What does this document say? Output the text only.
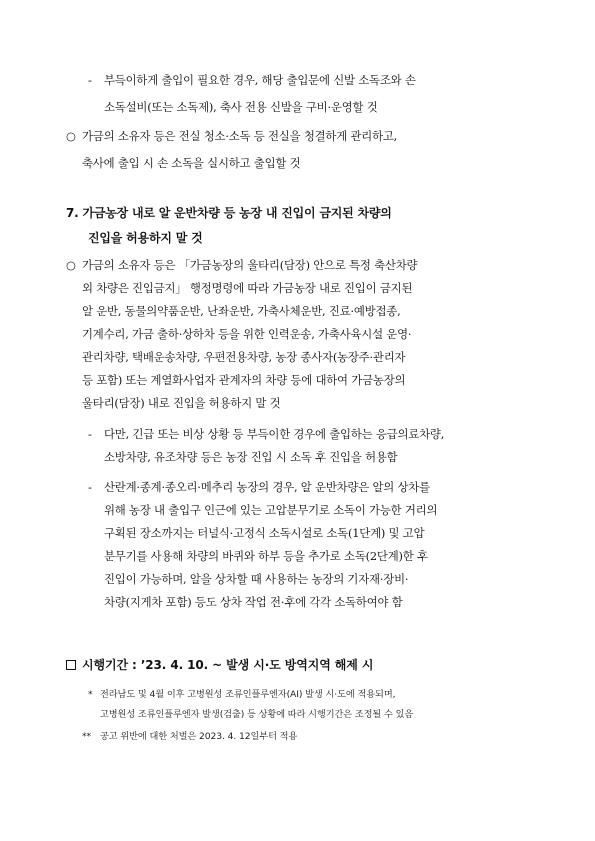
- 부득이하게 출입이 필요한 경우, 해당 출입문에 신발 소독조와 손
소독설비(또는 소독제), 축사 전용 신발을 구비·운영할 것
○ 가금의 소유자 등은 전실 청소·소독 등 전실을 청결하게 관리하고,
축사에 출입 시 손 소독을 실시하고 출입할 것
7. 가금농장 내로 알 운반차량 등 농장 내 진입이 금지된 차량의
진입을 허용하지 말 것
○ 가금의 소유자 등은 「가금농장의 울타리(담장) 안으로 특정 축산차량
외 차량은 진입금지」 행정명령에 따라 가금농장 내로 진입이 금지된
알 운반, 동물의약품운반, 난좌운반, 가축사체운반, 진료·예방접종,
기계수리, 가금 출하·상하차 등을 위한 인력운송, 가축사육시설 운영·
관리차량, 택배운송차량, 우편전용차량, 농장 종사자(농장주·관리자
등 포함) 또는 계열화사업자 관계자의 차량 등에 대하여 가금농장의
울타리(담장) 내로 진입을 허용하지 말 것
- 다만, 긴급 또는 비상 상황 등 부득이한 경우에 출입하는 응급의료차량,
소방차량, 유조차량 등은 농장 진입 시 소독 후 진입을 허용함
- 산란계·종계·종오리·메추리 농장의 경우, 알 운반차량은 알의 상차를
위해 농장 내 출입구 인근에 있는 고압분무기로 소독이 가능한 거리의
구획된 장소까지는 터널식·고정식 소독시설로 소독(1단계) 및 고압
분무기를 사용해 차량의 바퀴와 하부 등을 추가로 소독(2단계)한 후
진입이 가능하며, 알을 상차할 때 사용하는 농장의 기자재·장비·
차량(지게차 포함) 등도 상차 작업 전·후에 각각 소독하여야 함
시행기간 : ’23. 4. 10. ~ 발생 시·도 방역지역 해제 시
* 전라남도 및 4월 이후 고병원성 조류인플루엔자(AI) 발생 시·도에 적용되며,
고병원성 조류인플루엔자 발생(검출) 등 상황에 따라 시행기간은 조정될 수 있음
** 공고 위반에 대한 처벌은 2023. 4. 12일부터 적용
